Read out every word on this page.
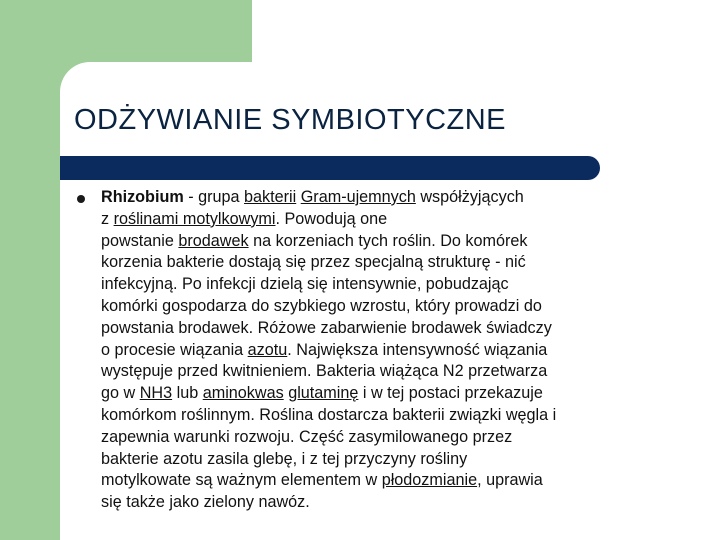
ODŻYWIANIE SYMBIOTYCZNE

Rhizobium - grupa bakterii Gram-ujemnych współżyjących
z roślinami motylkowymi. Powodują one
powstanie brodawek na korzeniach tych roślin. Do komórek
korzenia bakterie dostają się przez specjalną strukturę - nić
infekcyjną. Po infekcji dzielą się intensywnie, pobudzając
komórki gospodarza do szybkiego wzrostu, który prowadzi do
powstania brodawek. Różowe zabarwienie brodawek świadczy
o procesie wiązania azotu. Największa intensywność wiązania
występuje przed kwitnieniem. Bakteria wiążąca N2 przetwarza
go w NH3 lub aminokwas glutaminę i w tej postaci przekazuje
komórkom roślinnym. Roślina dostarcza bakterii związki węgla i
zapewnia warunki rozwoju. Część zasymilowanego przez
bakterie azotu zasila glebę, i z tej przyczyny rośliny
motylkowate są ważnym elementem w płodozmianie, uprawia
się także jako zielony nawóz.
